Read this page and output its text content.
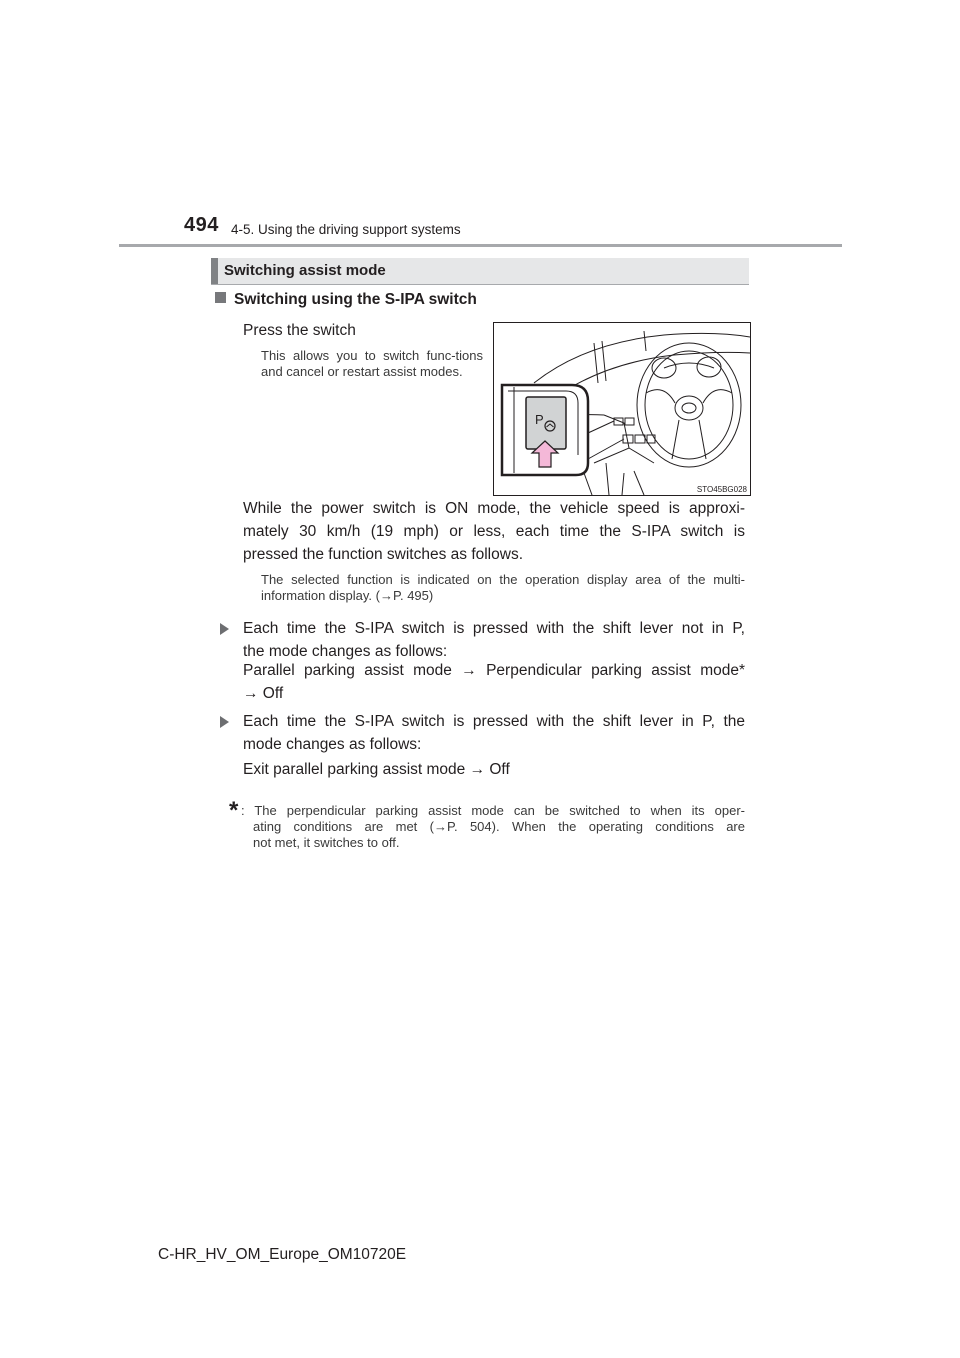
494 4-5. Using the driving support systems
Switching assist mode
Switching using the S-IPA switch
Press the switch
This allows you to switch func-tions and cancel or restart assist modes.
P
STO45BG028
While the power switch is ON mode, the vehicle speed is approxi-
mately 30 km/h (19 mph) or less, each time the S-IPA switch is
pressed the function switches as follows.
The selected function is indicated on the operation display area of the multi-information display. (→P. 495)
Each time the S-IPA switch is pressed with the shift lever not in P,
the mode changes as follows:
Parallel parking assist mode → Perpendicular parking assist mode*
→ Off
Each time the S-IPA switch is pressed with the shift lever in P, the
mode changes as follows:
Exit parallel parking assist mode → Off
* : The perpendicular parking assist mode can be switched to when its oper-
ating conditions are met (→P. 504). When the operating conditions are
not met, it switches to off.
C-HR_HV_OM_Europe_OM10720E
